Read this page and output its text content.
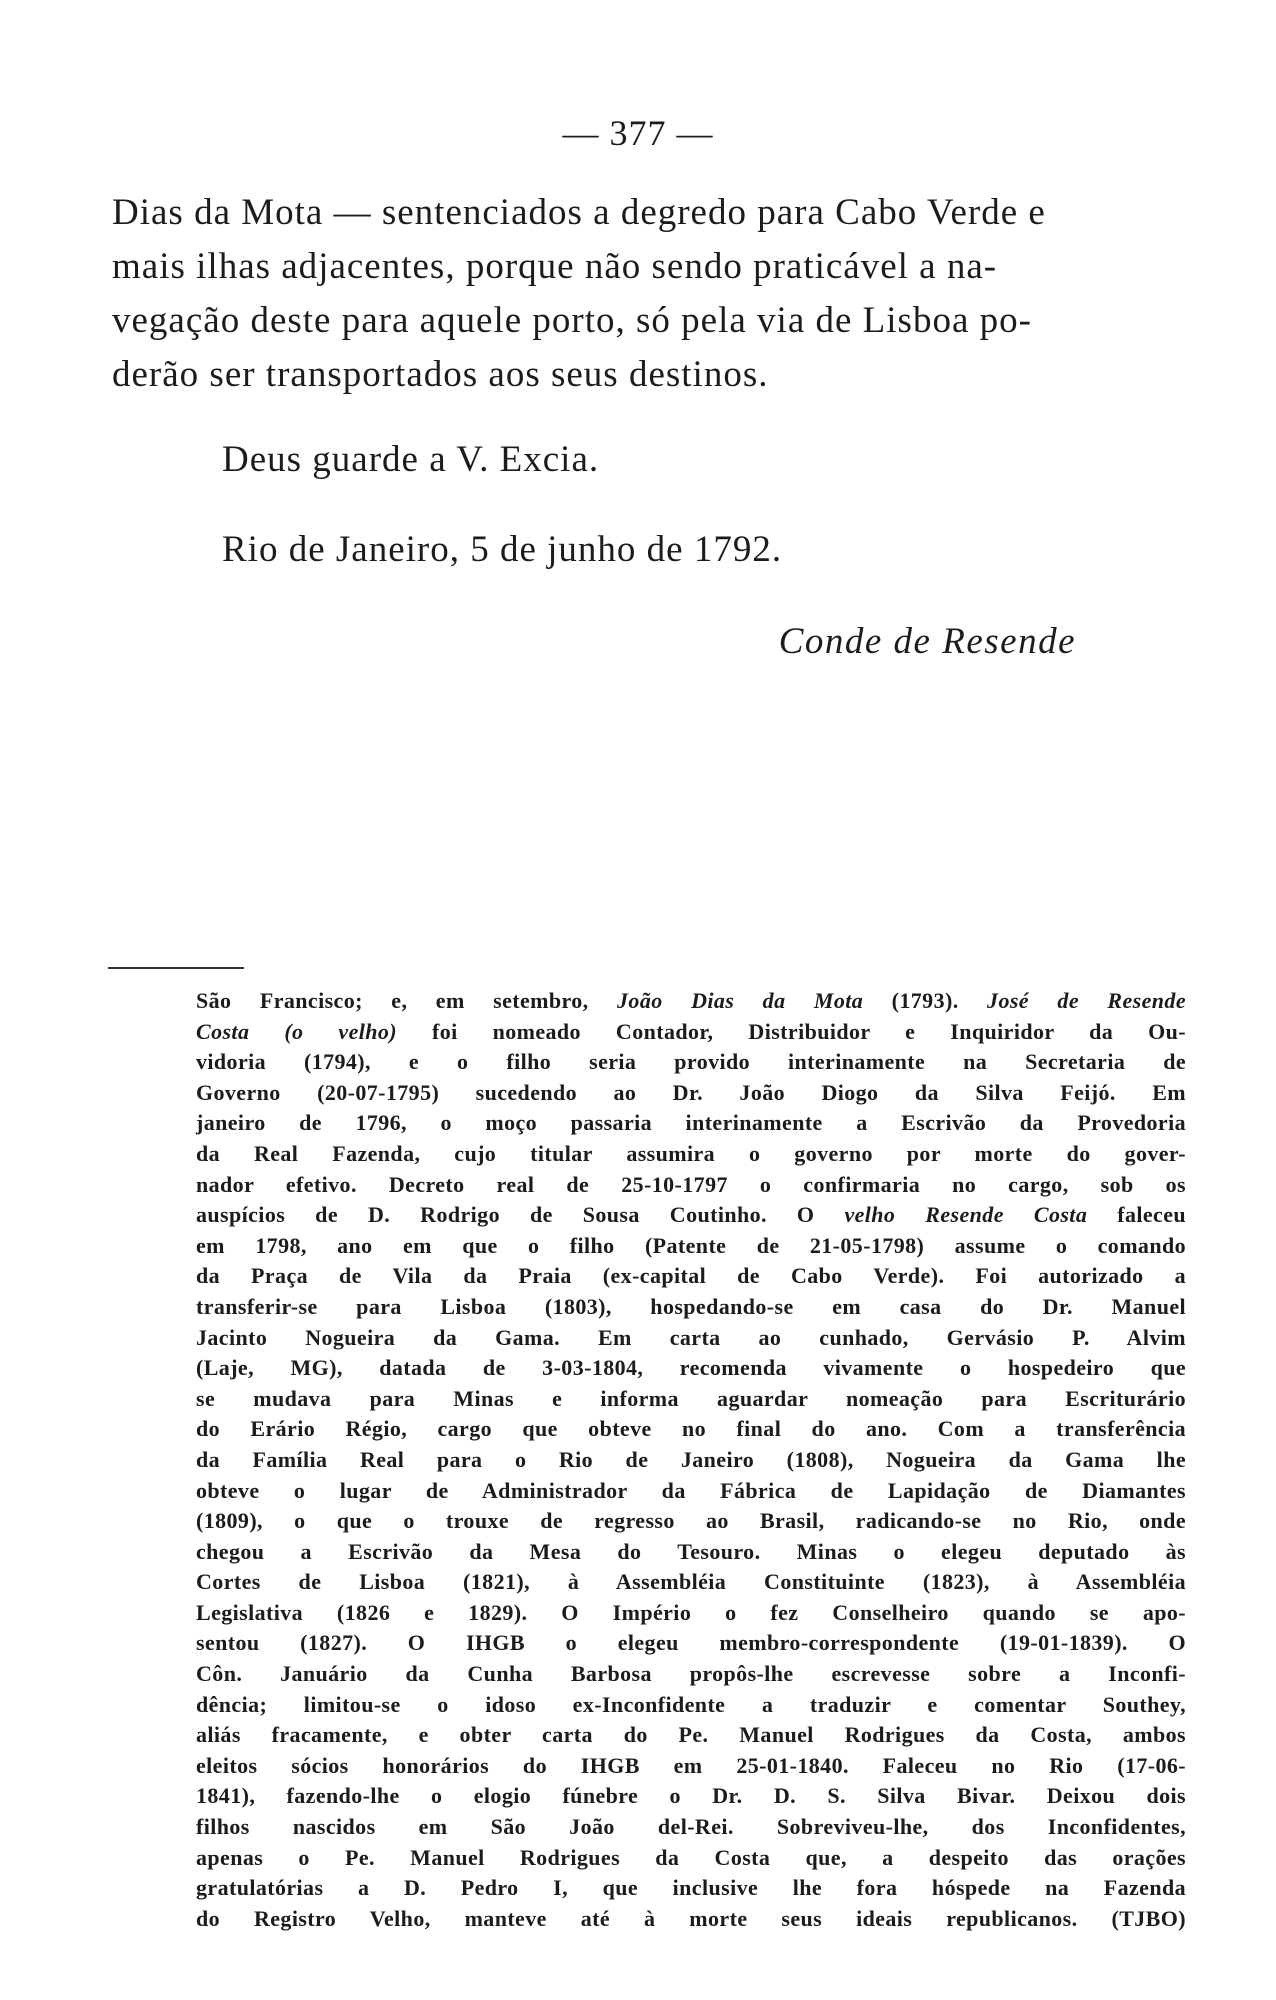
— 377 —
Dias da Mota — sentenciados a degredo para Cabo Verde e
mais ilhas adjacentes, porque não sendo praticável a na-
vegação deste para aquele porto, só pela via de Lisboa po-
derão ser transportados aos seus destinos.

Deus guarde a V. Excia.

Rio de Janeiro, 5 de junho de 1792.

Conde de Resende

São Francisco; e, em setembro, João Dias da Mota (1793). José de Resende
Costa (o velho) foi nomeado Contador, Distribuidor e Inquiridor da Ou-
vidoria (1794), e o filho seria provido interinamente na Secretaria de
Governo (20-07-1795) sucedendo ao Dr. João Diogo da Silva Feijó. Em
janeiro de 1796, o moço passaria interinamente a Escrivão da Provedoria
da Real Fazenda, cujo titular assumira o governo por morte do gover-
nador efetivo. Decreto real de 25-10-1797 o confirmaria no cargo, sob os
auspícios de D. Rodrigo de Sousa Coutinho. O velho Resende Costa faleceu
em 1798, ano em que o filho (Patente de 21-05-1798) assume o comando
da Praça de Vila da Praia (ex-capital de Cabo Verde). Foi autorizado a
transferir-se para Lisboa (1803), hospedando-se em casa do Dr. Manuel
Jacinto Nogueira da Gama. Em carta ao cunhado, Gervásio P. Alvim
(Laje, MG), datada de 3-03-1804, recomenda vivamente o hospedeiro que
se mudava para Minas e informa aguardar nomeação para Escriturário
do Erário Régio, cargo que obteve no final do ano. Com a transferência
da Família Real para o Rio de Janeiro (1808), Nogueira da Gama lhe
obteve o lugar de Administrador da Fábrica de Lapidação de Diamantes
(1809), o que o trouxe de regresso ao Brasil, radicando-se no Rio, onde
chegou a Escrivão da Mesa do Tesouro. Minas o elegeu deputado às
Cortes de Lisboa (1821), à Assembléia Constituinte (1823), à Assembléia
Legislativa (1826 e 1829). O Império o fez Conselheiro quando se apo-
sentou (1827). O IHGB o elegeu membro-correspondente (19-01-1839). O
Côn. Januário da Cunha Barbosa propôs-lhe escrevesse sobre a Inconfi-
dência; limitou-se o idoso ex-Inconfidente a traduzir e comentar Southey,
aliás fracamente, e obter carta do Pe. Manuel Rodrigues da Costa, ambos
eleitos sócios honorários do IHGB em 25-01-1840. Faleceu no Rio (17-06-
1841), fazendo-lhe o elogio fúnebre o Dr. D. S. Silva Bivar. Deixou dois
filhos nascidos em São João del-Rei. Sobreviveu-lhe, dos Inconfidentes,
apenas o Pe. Manuel Rodrigues da Costa que, a despeito das orações
gratulatórias a D. Pedro I, que inclusive lhe fora hóspede na Fazenda
do Registro Velho, manteve até à morte seus ideais republicanos. (TJBO)
